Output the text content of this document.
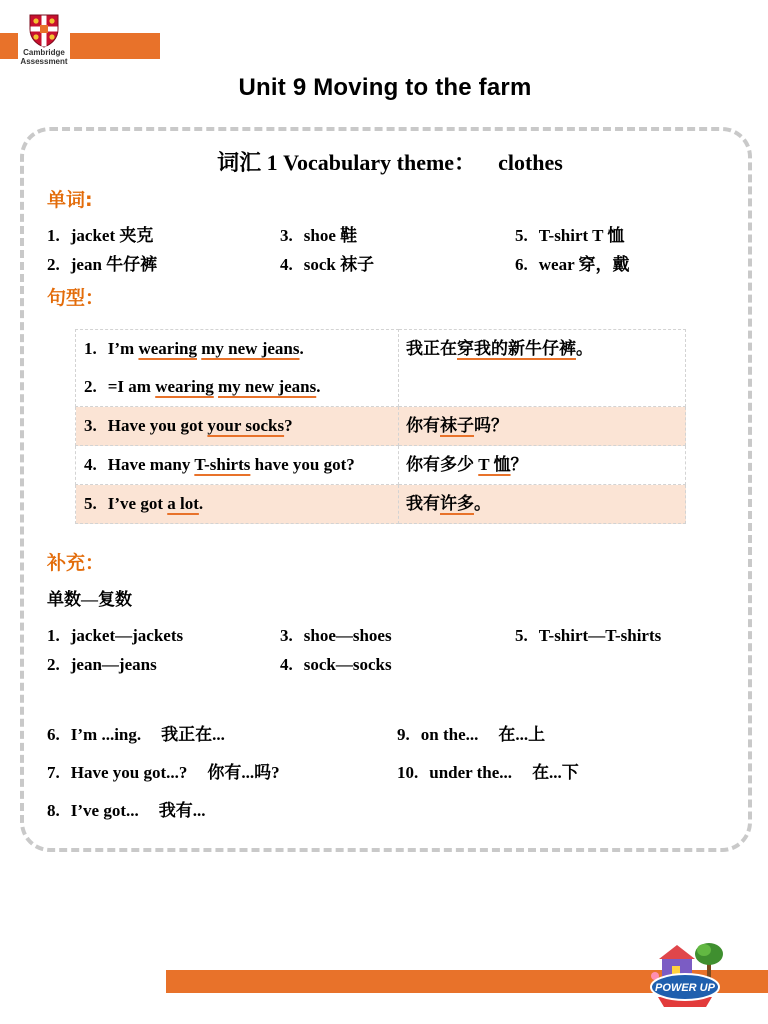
Cambridge
Assessment
Unit 9 Moving to the farm
词汇 1 Vocabulary theme： clothes
单词:
1. jacket 夹克
2. jean 牛仔裤
3. shoe 鞋
4. sock 袜子
5. T-shirt T 恤
6. wear 穿，戴
句型：
1. I’m wearing my new jeans.
2. =I am wearing my new jeans.	我正在穿我的新牛仔裤。

3. Have you got your socks?	你有袜子吗？

4. Have many T-shirts have you got?	你有多少 T 恤？

5. I’ve got a lot.	我有许多。
补充：
单数—复数
1. jacket—jackets
2. jean—jeans
3. shoe—shoes
4. sock—socks
5. T-shirt—T-shirts
6. I’m ...ing. 我正在...
7. Have you got...? 你有...吗?
8. I’ve got... 我有...
9. on the... 在...上
10. under the... 在...下
POWER UP
